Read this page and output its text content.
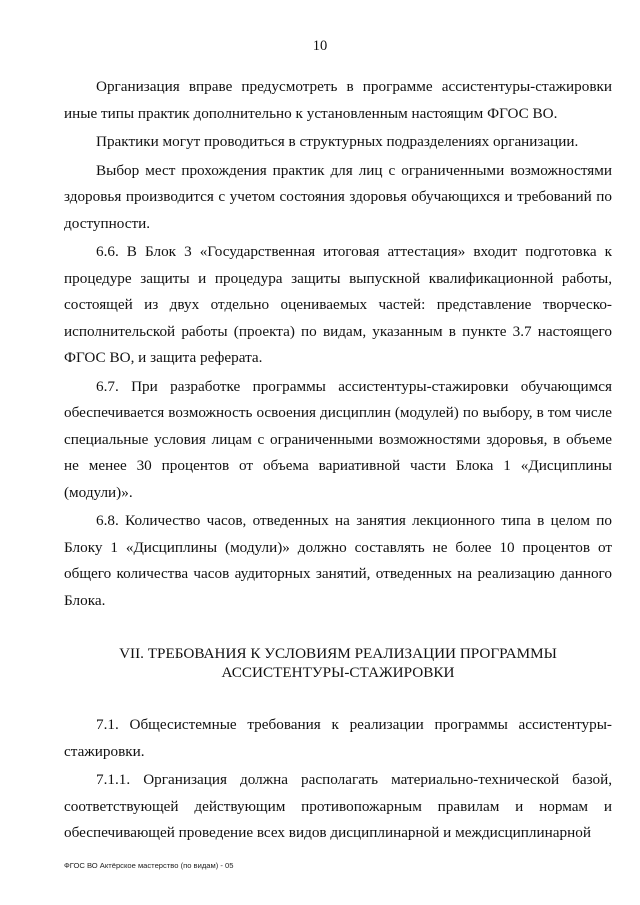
10

Организация вправе предусмотреть в программе ассистентуры-стажировки иные типы практик дополнительно к установленным настоящим ФГОС ВО.

Практики могут проводиться в структурных подразделениях организации.

Выбор мест прохождения практик для лиц с ограниченными возможностями здоровья производится с учетом состояния здоровья обучающихся и требований по доступности.

6.6. В Блок 3 «Государственная итоговая аттестация» входит подготовка к процедуре защиты и процедура защиты выпускной квалификационной работы, состоящей из двух отдельно оцениваемых частей: представление творческо-исполнительской работы (проекта) по видам, указанным в пункте 3.7 настоящего ФГОС ВО, и защита реферата.

6.7. При разработке программы ассистентуры-стажировки обучающимся обеспечивается возможность освоения дисциплин (модулей) по выбору, в том числе специальные условия лицам с ограниченными возможностями здоровья, в объеме не менее 30 процентов от объема вариативной части Блока 1 «Дисциплины (модули)».

6.8. Количество часов, отведенных на занятия лекционного типа в целом по Блоку 1 «Дисциплины (модули)» должно составлять не более 10 процентов от общего количества часов аудиторных занятий, отведенных на реализацию данного Блока.

VII. ТРЕБОВАНИЯ К УСЛОВИЯМ РЕАЛИЗАЦИИ ПРОГРАММЫ
АССИСТЕНТУРЫ-СТАЖИРОВКИ

7.1. Общесистемные требования к реализации программы ассистентуры-стажировки.

7.1.1. Организация должна располагать материально-технической базой, соответствующей действующим противопожарным правилам и нормам и обеспечивающей проведение всех видов дисциплинарной и междисциплинарной

ФГОС ВО Актёрское мастерство (по видам) - 05
